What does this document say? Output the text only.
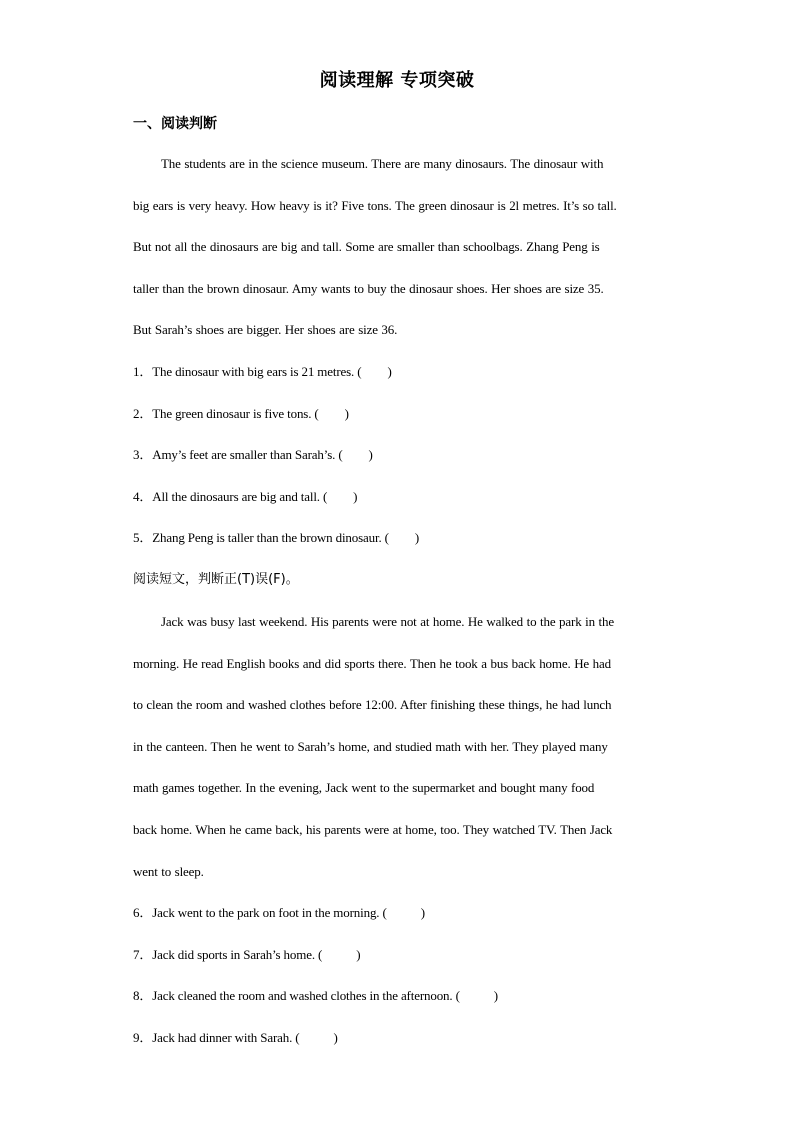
阅读理解 专项突破
一、阅读判断

The students are in the science museum. There are many dinosaurs. The dinosaur with
big ears is very heavy. How heavy is it? Five tons. The green dinosaur is 2l metres. It’s so tall.
But not all the dinosaurs are big and tall. Some are smaller than schoolbags. Zhang Peng is
taller than the brown dinosaur. Amy wants to buy the dinosaur shoes. Her shoes are size 35.
But Sarah’s shoes are bigger. Her shoes are size 36.

1．The dinosaur with big ears is 21 metres. ( )
2．The green dinosaur is five tons. ( )
3．Amy’s feet are smaller than Sarah’s. ( )
4．All the dinosaurs are big and tall. ( )
5．Zhang Peng is taller than the brown dinosaur. ( )
阅读短文，判断正(T)误(F)。

Jack was busy last weekend. His parents were not at home. He walked to the park in the
morning. He read English books and did sports there. Then he took a bus back home. He had
to clean the room and washed clothes before 12:00. After finishing these things, he had lunch
in the canteen. Then he went to Sarah’s home, and studied math with her. They played many
math games together. In the evening, Jack went to the supermarket and bought many food
back home. When he came back, his parents were at home, too. They watched TV. Then Jack
went to sleep.

6．Jack went to the park on foot in the morning. (	)
7．Jack did sports in Sarah’s home. (	)
8．Jack cleaned the room and washed clothes in the afternoon. (	)
9．Jack had dinner with Sarah. (	)
